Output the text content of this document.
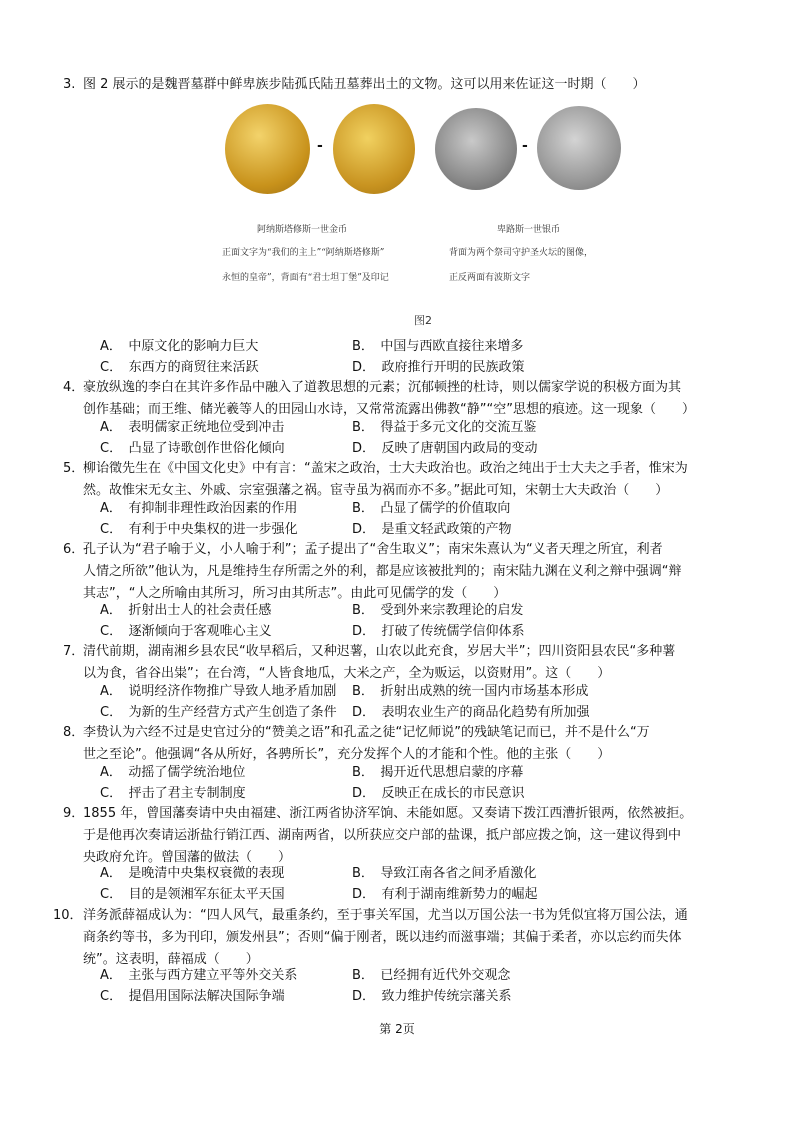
3. 图 2 展示的是魏晋墓群中鲜卑族步陆孤氏陆丑墓葬出土的文物。这可以用来佐证这一时期（　　）
-	-
阿纳斯塔修斯一世金币
正面文字为“我们的主上”“阿纳斯塔修斯”
永恒的皇帝”，背面有“君士坦丁堡”及印记
卑路斯一世银币
背面为两个祭司守护圣火坛的图像，
正反两面有波斯文字
图2
A．　中原文化的影响力巨大	B．　中国与西欧直接往来增多
C．　东西方的商贸往来活跃	D．　政府推行开明的民族政策
4．
豪放纵逸的李白在其许多作品中融入了道教思想的元素；沉郁顿挫的杜诗，则以儒家学说的积极方面为其
创作基础；而王维、储光羲等人的田园山水诗，又常常流露出佛教“静”“空”思想的痕迹。这一现象（　　）
A．　表明儒家正统地位受到冲击	B．　得益于多元文化的交流互鉴
C．　凸显了诗歌创作世俗化倾向	D．　反映了唐朝国内政局的变动
5．
柳诒徵先生在《中国文化史》中有言：“盖宋之政治，士大夫政治也。政治之纯出于士大夫之手者，惟宋为
然。故惟宋无女主、外戚、宗室强藩之祸。宦寺虽为祸而亦不多。”据此可知，宋朝士大夫政治（　　）
A．　有抑制非理性政治因素的作用	B．　凸显了儒学的价值取向
C．　有利于中央集权的进一步强化	D．　是重文轻武政策的产物
6．
孔子认为“君子喻于义，小人喻于利”；孟子提出了“舍生取义”；南宋朱熹认为“义者天理之所宜，利者
人情之所欲”他认为，凡是维持生存所需之外的利，都是应该被批判的；南宋陆九渊在义利之辩中强调“辩
其志”，“人之所喻由其所习，所习由其所志”。由此可见儒学的发（　　）
A．　折射出士人的社会责任感	B．　受到外来宗教理论的启发
C．　逐渐倾向于客观唯心主义	D．　打破了传统儒学信仰体系
7．
清代前期，湖南湘乡县农民“收早稻后，又种迟薯，山农以此充食，岁居大半”；四川资阳县农民“多种薯
以为食，省谷出粜”；在台湾，“人皆食地瓜，大米之产，全为贩运，以资财用”。这（　　）
A．　说明经济作物推广导致人地矛盾加剧	B．　折射出成熟的统一国内市场基本形成
C．　为新的生产经营方式产生创造了条件	D．　表明农业生产的商品化趋势有所加强
8．
李贽认为六经不过是史官过分的“赞美之语”和孔孟之徒“记忆师说”的残缺笔记而已，并不是什么“万
世之至论”。他强调“各从所好，各骋所长”，充分发挥个人的才能和个性。他的主张（　　）
A．　动摇了儒学统治地位	B．　揭开近代思想启蒙的序幕
C．　抨击了君主专制制度	D．　反映正在成长的市民意识
9．
1855 年，曾国藩奏请中央由福建、浙江两省协济军饷、未能如愿。又奏请下拨江西漕折银两，依然被拒。
于是他再次奏请运浙盐行销江西、湖南两省，以所获应交户部的盐课，抵户部应拨之饷，这一建议得到中
央政府允许。曾国藩的做法（　　）
A．　是晚清中央集权衰微的表现	B．　导致江南各省之间矛盾激化
C．　目的是领湘军东征太平天国	D．　有利于湖南维新势力的崛起
10． 洋务派薛福成认为：“四人风气，最重条约，至于事关军国，尤当以万国公法一书为凭似宜将万国公法，通
商条约等书，多为刊印，颁发州县”；否则“偏于刚者，既以违约而滋事端；其偏于柔者，亦以忘约而失体
统”。这表明，薛福成（　　）
A．　主张与西方建立平等外交关系	B．　已经拥有近代外交观念
C．　提倡用国际法解决国际争端	D．　致力维护传统宗藩关系
第 2页
